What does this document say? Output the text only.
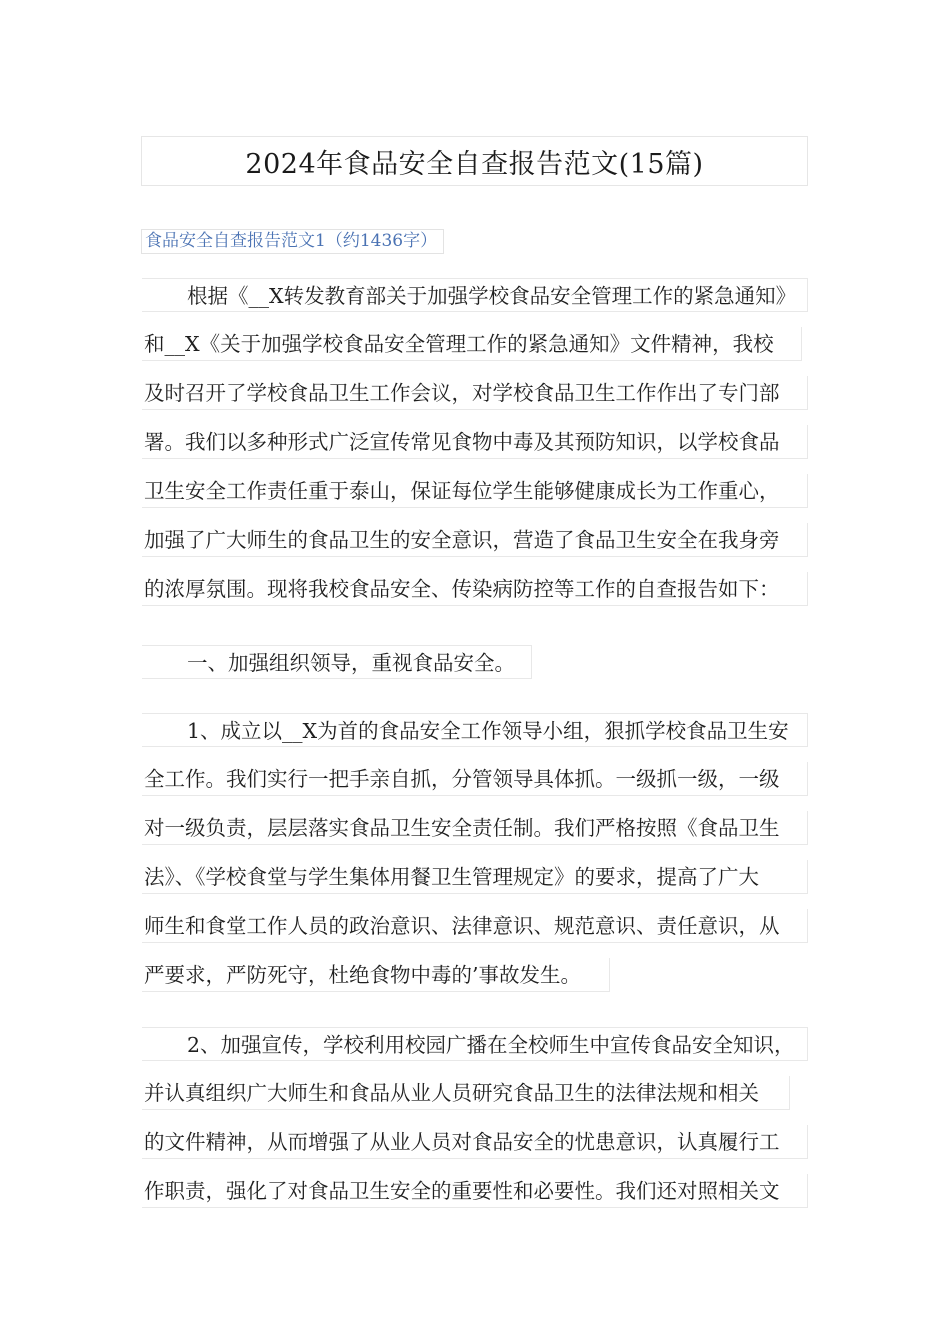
2024年食品安全自查报告范文(15篇)
食品安全自查报告范文1（约1436字）
根据《__X转发教育部关于加强学校食品安全管理工作的紧急通知》
和__X《关于加强学校食品安全管理工作的紧急通知》文件精神，我校
及时召开了学校食品卫生工作会议，对学校食品卫生工作作出了专门部
署。我们以多种形式广泛宣传常见食物中毒及其预防知识，以学校食品
卫生安全工作责任重于泰山，保证每位学生能够健康成长为工作重心，
加强了广大师生的食品卫生的安全意识，营造了食品卫生安全在我身旁
的浓厚氛围。现将我校食品安全、传染病防控等工作的自查报告如下：
一、加强组织领导，重视食品安全。
1、成立以__X为首的食品安全工作领导小组，狠抓学校食品卫生安
全工作。我们实行一把手亲自抓，分管领导具体抓。一级抓一级，一级
对一级负责，层层落实食品卫生安全责任制。我们严格按照《食品卫生
法》、《学校食堂与学生集体用餐卫生管理规定》的要求，提高了广大
师生和食堂工作人员的政治意识、法律意识、规范意识、责任意识，从
严要求，严防死守，杜绝食物中毒的’事故发生。
2、加强宣传，学校利用校园广播在全校师生中宣传食品安全知识，
并认真组织广大师生和食品从业人员研究食品卫生的法律法规和相关
的文件精神，从而增强了从业人员对食品安全的忧患意识，认真履行工
作职责，强化了对食品卫生安全的重要性和必要性。我们还对照相关文
